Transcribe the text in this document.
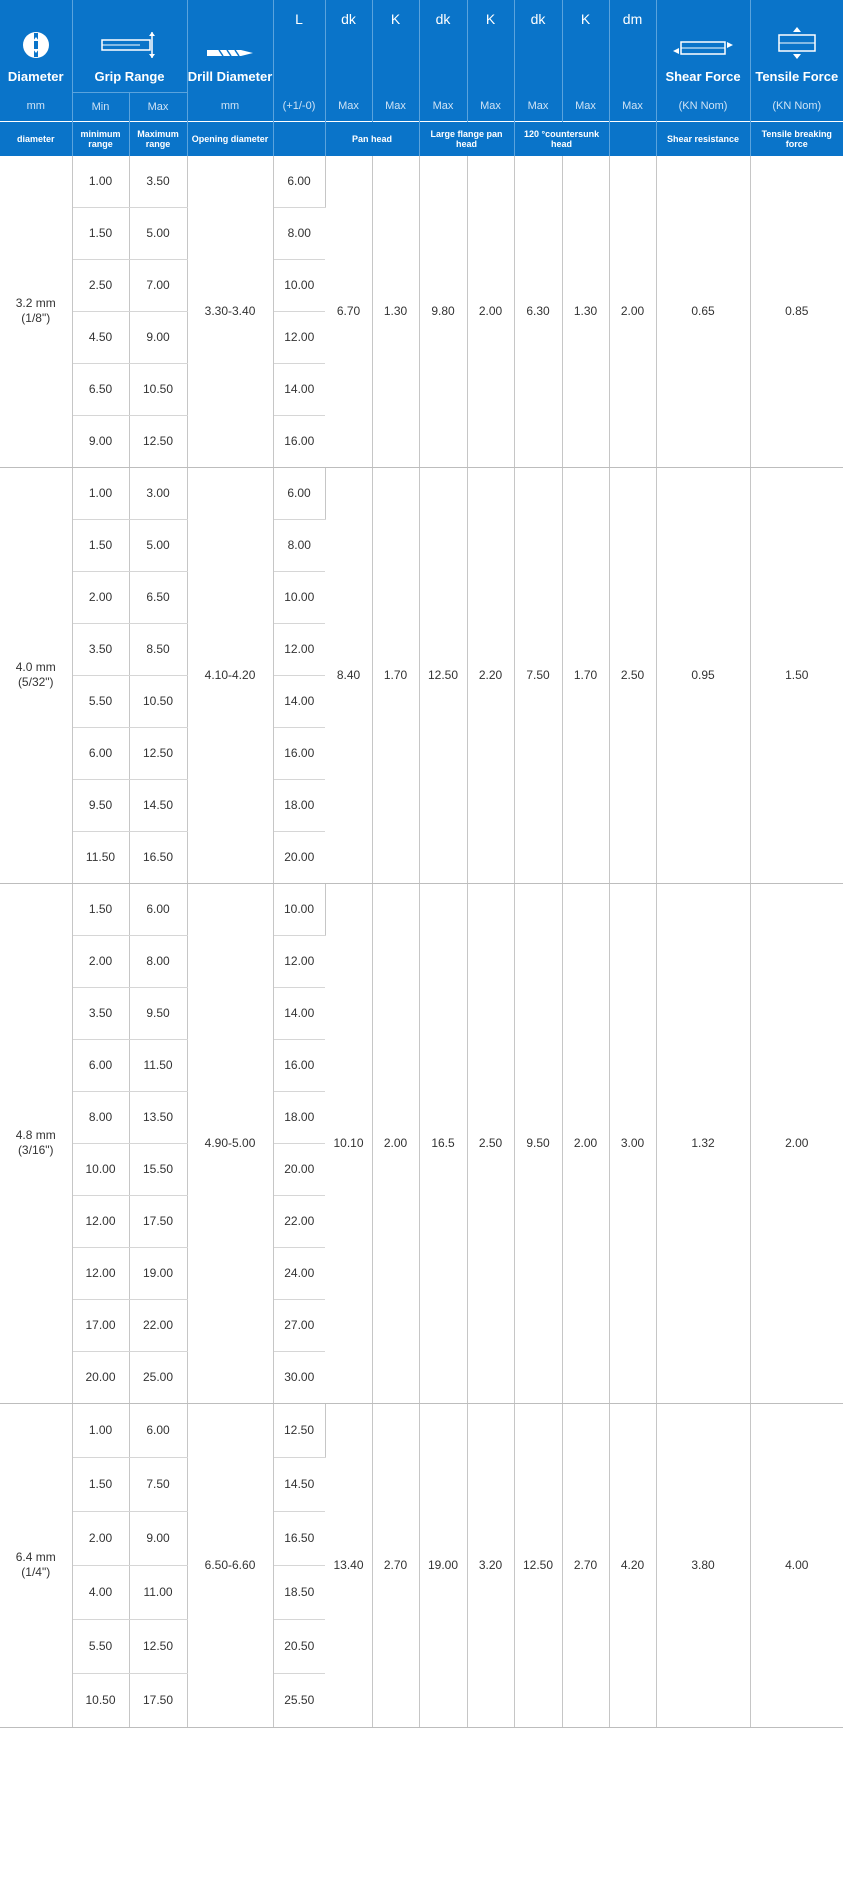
Diameter	Grip Range		Drill Diameter	L	dk	K	dk	K	dk	K	dm	Shear Force	Tensile Force
mm	Min	Max	mm	(+1/-0)	Max	Max	Max	Max	Max	Max	Max	(KN Nom)	(KN Nom)
diameter	minimum range	Maximum range	Opening diameter		Pan head		Large flange pan head		120 °countersunk head			Shear resistance	Tensile breaking force
3.2 mm
(1/8")	1.00	3.50	3.30-3.40	6.00	6.70	1.30	9.80	2.00	6.30	1.30	2.00	0.65	0.85
	1.50	5.00		8.00									
	2.50	7.00		10.00									
	4.50	9.00		12.00									
	6.50	10.50		14.00									
	9.00	12.50		16.00									
4.0 mm
(5/32")	1.00	3.00	4.10-4.20	6.00	8.40	1.70	12.50	2.20	7.50	1.70	2.50	0.95	1.50
	1.50	5.00		8.00									
	2.00	6.50		10.00									
	3.50	8.50		12.00									
	5.50	10.50		14.00									
	6.00	12.50		16.00									
	9.50	14.50		18.00									
	11.50	16.50		20.00									
4.8 mm
(3/16")	1.50	6.00	4.90-5.00	10.00	10.10	2.00	16.5	2.50	9.50	2.00	3.00	1.32	2.00
	2.00	8.00		12.00									
	3.50	9.50		14.00									
	6.00	11.50		16.00									
	8.00	13.50		18.00									
	10.00	15.50		20.00									
	12.00	17.50		22.00									
	12.00	19.00		24.00									
	17.00	22.00		27.00									
	20.00	25.00		30.00									
6.4 mm
(1/4")	1.00	6.00	6.50-6.60	12.50	13.40	2.70	19.00	3.20	12.50	2.70	4.20	3.80	4.00
	1.50	7.50		14.50									
	2.00	9.00		16.50									
	4.00	11.00		18.50									
	5.50	12.50		20.50									
	10.50	17.50		25.50									
